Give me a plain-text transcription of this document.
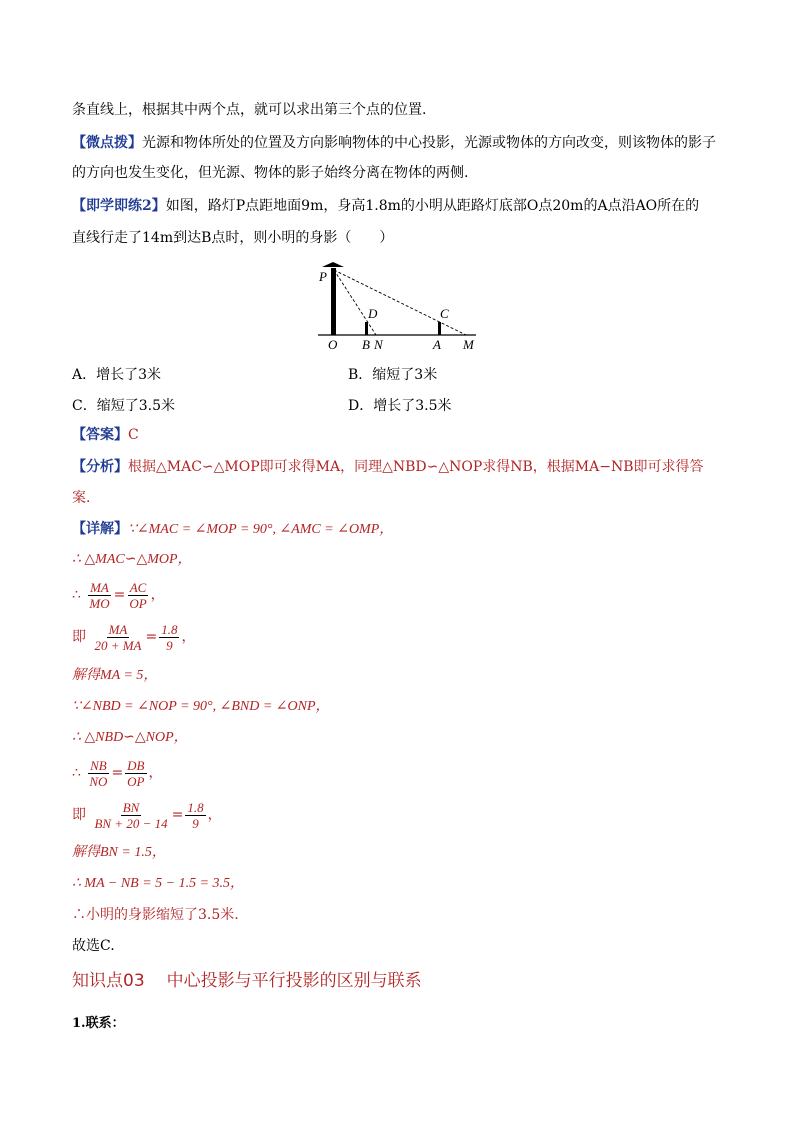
条直线上，根据其中两个点，就可以求出第三个点的位置.
【微点拨】光源和物体所处的位置及方向影响物体的中心投影，光源或物体的方向改变，则该物体的影子
的方向也发生变化，但光源、物体的影子始终分离在物体的两侧.
【即学即练2】如图，路灯P点距地面9m，身高1.8m的小明从距路灯底部O点20m的A点沿AO所在的
直线行走了14m到达B点时，则小明的身影（　　）
P
D	C
O B N	A M
A．增长了3米	B．缩短了3米
C．缩短了3.5米	D．增长了3.5米
【答案】C
【分析】根据△MAC∽△MOP即可求得MA，同理△NBD∽△NOP求得NB，根据MA−NB即可求得答
案.
【详解】∵∠MAC = ∠MOP = 90°, ∠AMC = ∠OMP，
∴ △MAC∽△MOP，
∴ $\frac{MA}{MO} = \frac{AC}{OP}$ ，
即 $\frac{MA}{20 + MA} = \frac{1.8}{9}$ ，
解得MA = 5，
∵∠NBD = ∠NOP = 90°, ∠BND = ∠ONP，
∴ △NBD∽△NOP，
∴ $\frac{NB}{NO} = \frac{DB}{OP}$ ，
即 $\frac{BN}{BN + 20 - 14} = \frac{1.8}{9}$ ，
解得BN = 1.5，
∴ MA − NB = 5 − 1.5 = 3.5，
∴小明的身影缩短了3.5米.
故选C.
知识点03 中心投影与平行投影的区别与联系
1.联系：
